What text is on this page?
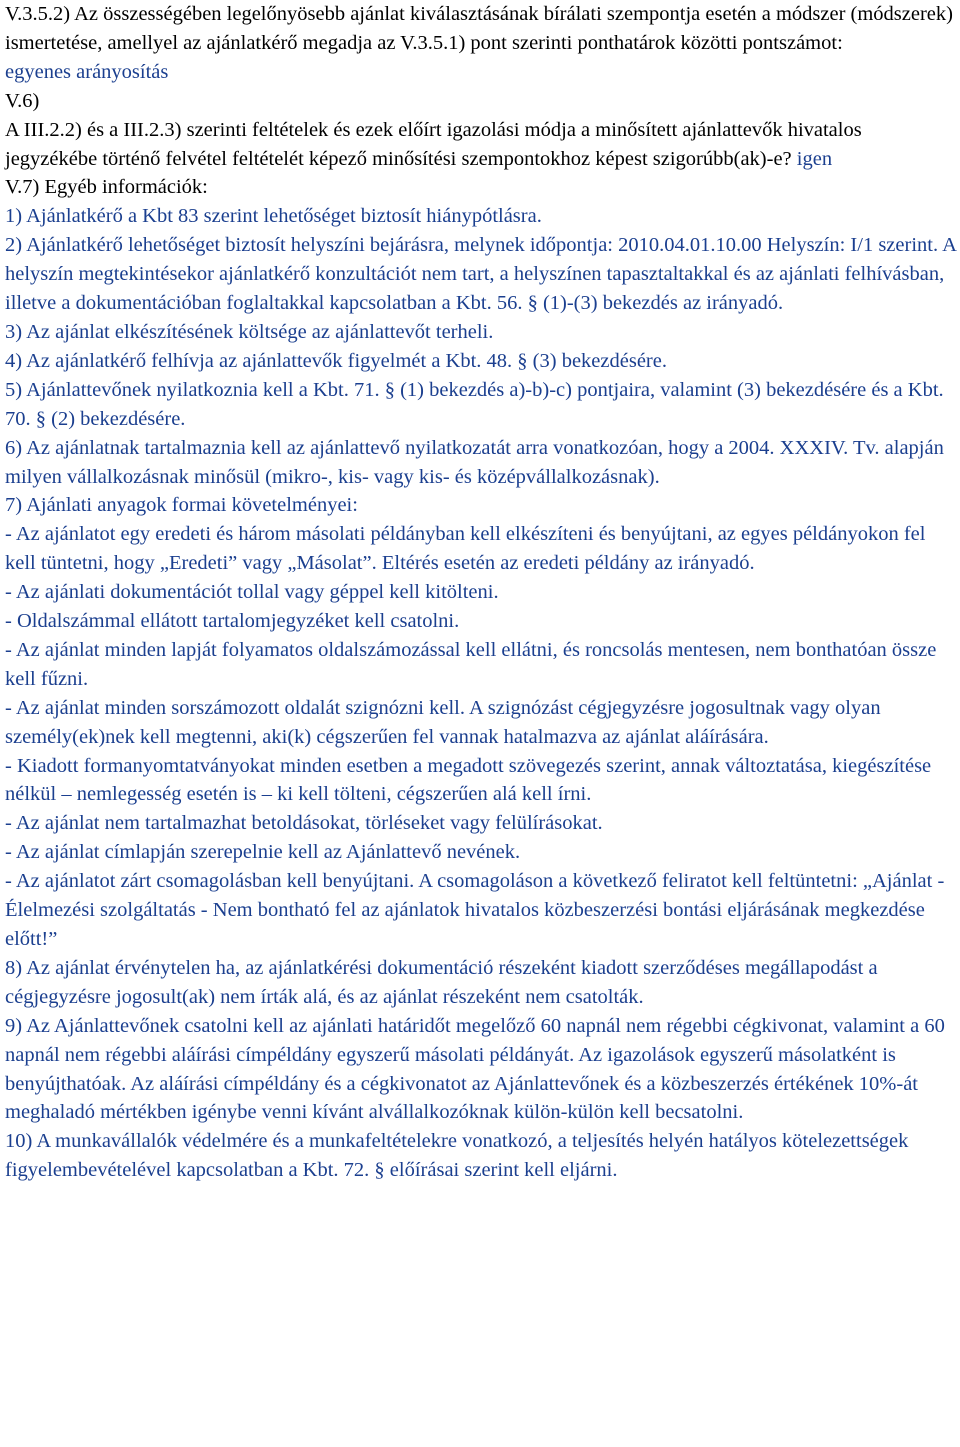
V.3.5.2) Az összességében legelőnyösebb ajánlat kiválasztásának bírálati szempontja esetén a módszer (módszerek) ismertetése, amellyel az ajánlatkérő megadja az V.3.5.1) pont szerinti ponthatárok közötti pontszámot:

egyenes arányosítás

V.6)

A III.2.2) és a III.2.3) szerinti feltételek és ezek előírt igazolási módja a minősített ajánlattevők hivatalos jegyzékébe történő felvétel feltételét képező minősítési szempontokhoz képest szigorúbb(ak)-e? igen

V.7) Egyéb információk:

1) Ajánlatkérő a Kbt 83 szerint lehetőséget biztosít hiánypótlásra.

2) Ajánlatkérő lehetőséget biztosít helyszíni bejárásra, melynek időpontja: 2010.04.01.10.00 Helyszín: I/1 szerint. A helyszín megtekintésekor ajánlatkérő konzultációt nem tart, a helyszínen tapasztaltakkal és az ajánlati felhívásban, illetve a dokumentációban foglaltakkal kapcsolatban a Kbt. 56. § (1)-(3) bekezdés az irányadó.

3) Az ajánlat elkészítésének költsége az ajánlattevőt terheli.

4) Az ajánlatkérő felhívja az ajánlattevők figyelmét a Kbt. 48. § (3) bekezdésére.

5) Ajánlattevőnek nyilatkoznia kell a Kbt. 71. § (1) bekezdés a)-b)-c) pontjaira, valamint (3) bekezdésére és a Kbt. 70. § (2) bekezdésére.

6) Az ajánlatnak tartalmaznia kell az ajánlattevő nyilatkozatát arra vonatkozóan, hogy a 2004. XXXIV. Tv. alapján milyen vállalkozásnak minősül (mikro-, kis- vagy kis- és középvállalkozásnak).

7) Ajánlati anyagok formai követelményei:

- Az ajánlatot egy eredeti és három másolati példányban kell elkészíteni és benyújtani, az egyes példányokon fel kell tüntetni, hogy „Eredeti” vagy „Másolat”. Eltérés esetén az eredeti példány az irányadó.

- Az ajánlati dokumentációt tollal vagy géppel kell kitölteni.

- Oldalszámmal ellátott tartalomjegyzéket kell csatolni.

- Az ajánlat minden lapját folyamatos oldalszámozással kell ellátni, és roncsolás mentesen, nem bonthatóan össze kell fűzni.

- Az ajánlat minden sorszámozott oldalát szignózni kell. A szignózást cégjegyzésre jogosultnak vagy olyan személy(ek)nek kell megtenni, aki(k) cégszerűen fel vannak hatalmazva az ajánlat aláírására.

- Kiadott formanyomtatványokat minden esetben a megadott szövegezés szerint, annak változtatása, kiegészítése nélkül – nemlegesség esetén is – ki kell tölteni, cégszerűen alá kell írni.

- Az ajánlat nem tartalmazhat betoldásokat, törléseket vagy felülírásokat.

- Az ajánlat címlapján szerepelnie kell az Ajánlattevő nevének.

- Az ajánlatot zárt csomagolásban kell benyújtani. A csomagoláson a következő feliratot kell feltüntetni: „Ajánlat - Élelmezési szolgáltatás - Nem bontható fel az ajánlatok hivatalos közbeszerzési bontási eljárásának megkezdése előtt!”

8) Az ajánlat érvénytelen ha, az ajánlatkérési dokumentáció részeként kiadott szerződéses megállapodást a cégjegyzésre jogosult(ak) nem írták alá, és az ajánlat részeként nem csatolták.

9) Az Ajánlattevőnek csatolni kell az ajánlati határidőt megelőző 60 napnál nem régebbi cégkivonat, valamint a 60 napnál nem régebbi aláírási címpéldány egyszerű másolati példányát. Az igazolások egyszerű másolatként is benyújthatóak. Az aláírási címpéldány és a cégkivonatot az Ajánlattevőnek és a közbeszerzés értékének 10%-át meghaladó mértékben igénybe venni kívánt alvállalkozóknak külön-külön kell becsatolni.

10) A munkavállalók védelmére és a munkafeltételekre vonatkozó, a teljesítés helyén hatályos kötelezettségek figyelembevételével kapcsolatban a Kbt. 72. § előírásai szerint kell eljárni.
